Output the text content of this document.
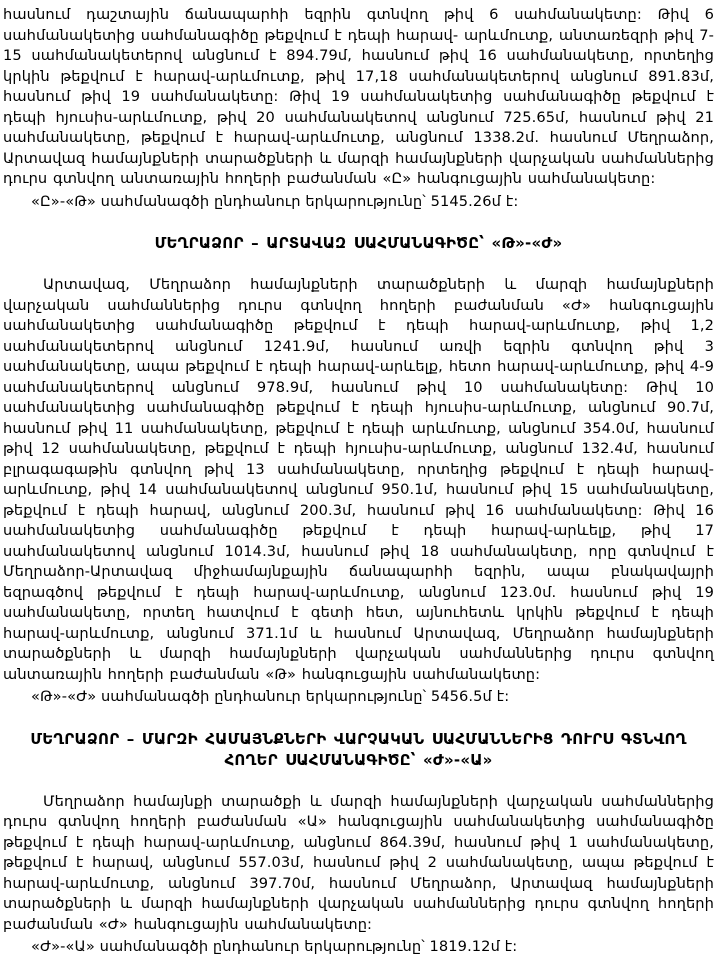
հասնում դաշտային ճանապարհի եզրին գտնվող թիվ 6 սահմանակետը: Թիվ 6 սահմանակետից սահմանագիծը թեքվում է դեպի հարավ- արևմուտք, անտառեզրի թիվ 7-15 սահմանակետերով անցնում է 894.79մ, հասնում թիվ 16 սահմանակետը, որտեղից կրկին թեքվում է հարավ-արևմուտք, թիվ 17,18 սահմանակետերով անցնում 891.83մ, հասնում թիվ 19 սահմանակետը: Թիվ 19 սահմանակետից սահմանագիծը թեքվում է դեպի հյուսիս-արևմուտք, թիվ 20 սահմանակետով անցնում 725.65մ, հասնում թիվ 21 սահմանակետը, թեքվում է հարավ-արևմուտք, անցնում 1338.2մ. հասնում Մեղրաձոր, Արտավազ համայնքների տարածքների և մարզի համայնքների վարչական սահմաններից դուրս գտնվող անտառային հողերի բաժանման «Ը» հանգուցային սահմանակետը:

«Ը»-«Թ» սահմանագծի ընդհանուր երկարությունը՝ 5145.26մ է:

ՄԵՂՐԱՁՈՐ – ԱՐՏԱՎԱԶ ՍԱՀՄԱՆԱԳԻԾԸ՝ «Թ»-«Ժ»

Արտավազ, Մեղրաձոր համայնքների տարածքների և մարզի համայնքների վարչական սահմաններից դուրս գտնվող հողերի բաժանման «Ժ» հանգուցային սահմանակետից սահմանագիծը թեքվում է դեպի հարավ-արևմուտք, թիվ 1,2 սահմանակետերով անցնում 1241.9մ, հասնում առվի եզրին գտնվող թիվ 3 սահմանակետը, ապա թեքվում է դեպի հարավ-արևելք, հետո հարավ-արևմուտք, թիվ 4-9 սահմանակետերով անցնում 978.9մ, հասնում թիվ 10 սահմանակետը: Թիվ 10 սահմանակետից սահմանագիծը թեքվում է դեպի հյուսիս-արևմուտք, անցնում 90.7մ, հասնում թիվ 11 սահմանակետը, թեքվում է դեպի արևմուտք, անցնում 354.0մ, հասնում թիվ 12 սահմանակետը, թեքվում է դեպի հյուսիս-արևմուտք, անցնում 132.4մ, հասնում բլրագագաթին գտնվող թիվ 13 սահմանակետը, որտեղից թեքվում է դեպի հարավ-արևմուտք, թիվ 14 սահմանակետով անցնում 950.1մ, հասնում թիվ 15 սահմանակետը, թեքվում է դեպի հարավ, անցնում 200.3մ, հասնում թիվ 16 սահմանակետը: Թիվ 16 սահմանակետից սահմանագիծը թեքվում է դեպի հարավ-արևելք, թիվ 17 սահմանակետով անցնում 1014.3մ, հասնում թիվ 18 սահմանակետը, որը գտնվում է Մեղրաձոր-Արտավազ միջհամայնքային ճանապարհի եզրին, ապա բնակավայրի եզրագծով թեքվում է դեպի հարավ-արևմուտք, անցնում 123.0մ. հասնում թիվ 19 սահմանակետը, որտեղ հատվում է գետի հետ, այնուհետև կրկին թեքվում է դեպի հարավ-արևմուտք, անցնում 371.1մ և հասնում Արտավազ, Մեղրաձոր համայնքների տարածքների և մարզի համայնքների վարչական սահմաններից դուրս գտնվող անտառային հողերի բաժանման «Թ» հանգուցային սահմանակետը:

«Թ»-«Ժ» սահմանագծի ընդհանուր երկարությունը՝ 5456.5մ է:

ՄԵՂՐԱՁՈՐ – ՄԱՐԶԻ ՀԱՄԱՅՆՔՆԵՐԻ ՎԱՐՉԱԿԱՆ ՍԱՀՄԱՆՆԵՐԻՑ ԴՈՒՐՍ ԳՏՆՎՈՂ ՀՈՂԵՐ ՍԱՀՄԱՆԱԳԻԾԸ՝ «Ժ»-«Ա»

Մեղրաձոր համայնքի տարածքի և մարզի համայնքների վարչական սահմաններից դուրս գտնվող հողերի բաժանման «Ա» հանգուցային սահմանակետից սահմանագիծը թեքվում է դեպի հարավ-արևմուտք, անցնում 864.39մ, հասնում թիվ 1 սահմանակետը, թեքվում է հարավ, անցնում 557.03մ, հասնում թիվ 2 սահմանակետը, ապա թեքվում է հարավ-արևմուտք, անցնում 397.70մ, հասնում Մեղրաձոր, Արտավազ համայնքների տարածքների և մարզի համայնքների վարչական սահմաններից դուրս գտնվող հողերի բաժանման «Ժ» հանգուցային սահմանակետը:

«Ժ»-«Ա» սահմանագծի ընդհանուր երկարությունը՝ 1819.12մ է:
